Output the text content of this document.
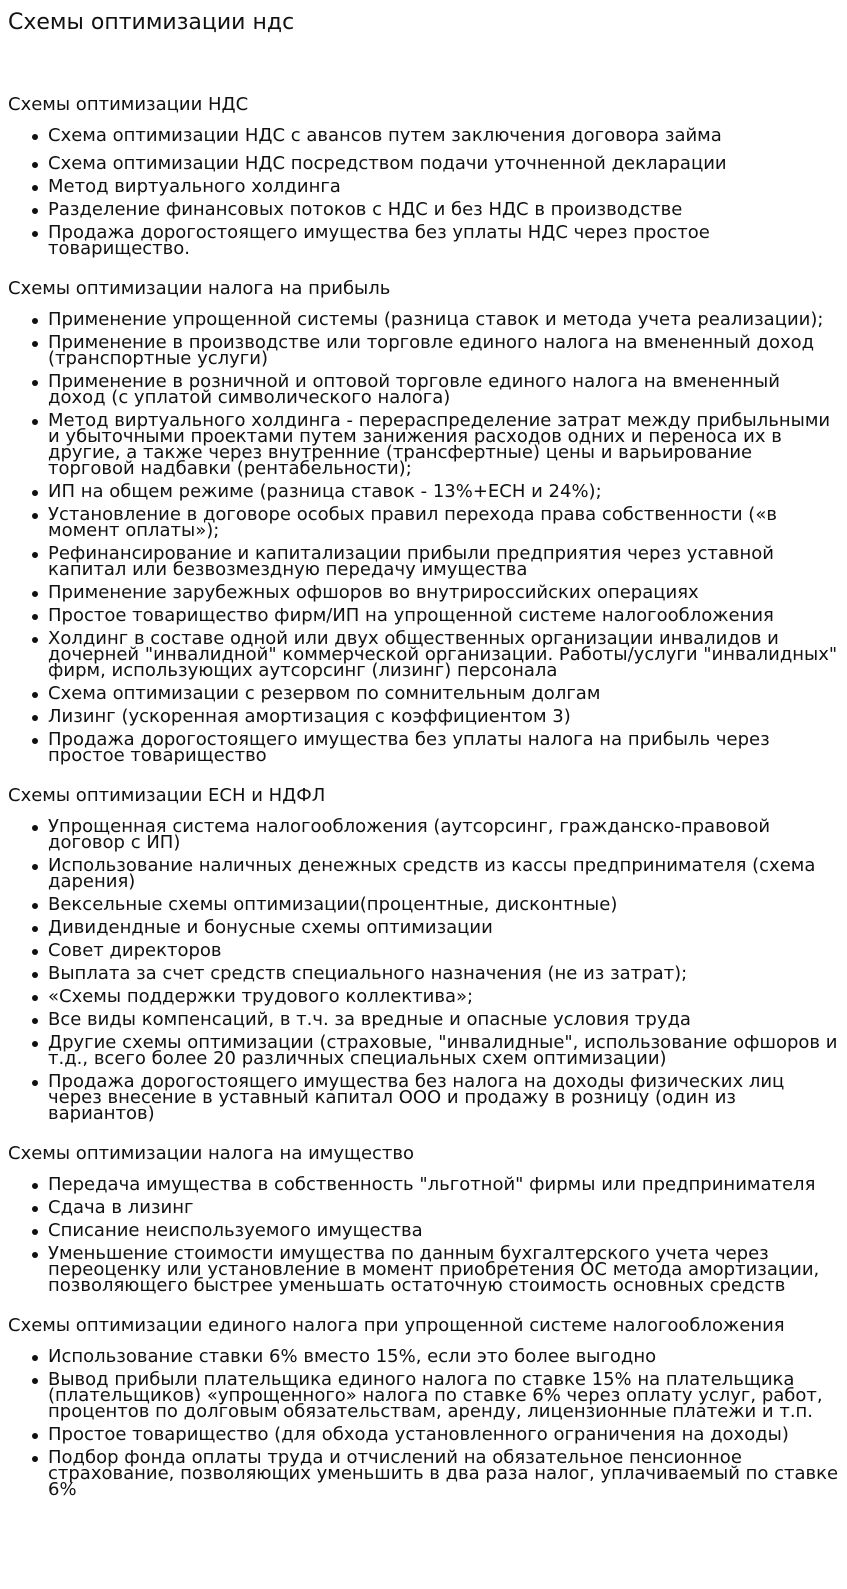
Схемы оптимизации ндс
Схемы оптимизации НДС
Схема оптимизации НДС с авансов путем заключения договора займа
Схема оптимизации НДС посредством подачи уточненной декларации
Метод виртуального холдинга
Разделение финансовых потоков с НДС и без НДС в производстве
Продажа дорогостоящего имущества без уплаты НДС через простое товарищество.
Схемы оптимизации налога на прибыль
Применение упрощенной системы (разница ставок и метода учета реализации);
Применение в производстве или торговле единого налога на вмененный доход (транспортные услуги)
Применение в розничной и оптовой торговле единого налога на вмененный доход (с уплатой символического налога)
Метод виртуального холдинга - перераспределение затрат между прибыльными и убыточными проектами путем занижения расходов одних и переноса их в другие, а также через внутренние (трансфертные) цены и варьирование торговой надбавки (рентабельности);
ИП на общем режиме (разница ставок - 13%+ЕСН и 24%);
Установление в договоре особых правил перехода права собственности («в момент оплаты»);
Рефинансирование и капитализации прибыли предприятия через уставной капитал или безвозмездную передачу имущества
Применение зарубежных офшоров во внутрироссийских операциях
Простое товарищество фирм/ИП на упрощенной системе налогообложения
Холдинг в составе одной или двух общественных организации инвалидов и дочерней "инвалидной" коммерческой организации. Работы/услуги "инвалидных" фирм, использующих аутсорсинг (лизинг) персонала
Схема оптимизации с резервом по сомнительным долгам
Лизинг (ускоренная амортизация с коэффициентом 3)
Продажа дорогостоящего имущества без уплаты налога на прибыль через простое товарищество
Схемы оптимизации ЕСН и НДФЛ
Упрощенная система налогообложения (аутсорсинг, гражданско-правовой договор с ИП)
Использование наличных денежных средств из кассы предпринимателя (схема дарения)
Вексельные схемы оптимизации(процентные, дисконтные)
Дивидендные и бонусные схемы оптимизации
Совет директоров
Выплата за счет средств специального назначения (не из затрат);
«Схемы поддержки трудового коллектива»;
Все виды компенсаций, в т.ч. за вредные и опасные условия труда
Другие схемы оптимизации (страховые, "инвалидные", использование офшоров и т.д., всего более 20 различных специальных схем оптимизации)
Продажа дорогостоящего имущества без налога на доходы физических лиц через внесение в уставный капитал ООО и продажу в розницу (один из вариантов)
Схемы оптимизации налога на имущество
Передача имущества в собственность "льготной" фирмы или предпринимателя
Сдача в лизинг
Списание неиспользуемого имущества
Уменьшение стоимости имущества по данным бухгалтерского учета через переоценку или установление в момент приобретения ОС метода амортизации, позволяющего быстрее уменьшать остаточную стоимость основных средств
Схемы оптимизации единого налога при упрощенной системе налогообложения
Использование ставки 6% вместо 15%, если это более выгодно
Вывод прибыли плательщика единого налога по ставке 15% на плательщика (плательщиков) «упрощенного» налога по ставке 6% через оплату услуг, работ, процентов по долговым обязательствам, аренду, лицензионные платежи и т.п.
Простое товарищество (для обхода установленного ограничения на доходы)
Подбор фонда оплаты труда и отчислений на обязательное пенсионное страхование, позволяющих уменьшить в два раза налог, уплачиваемый по ставке 6%
